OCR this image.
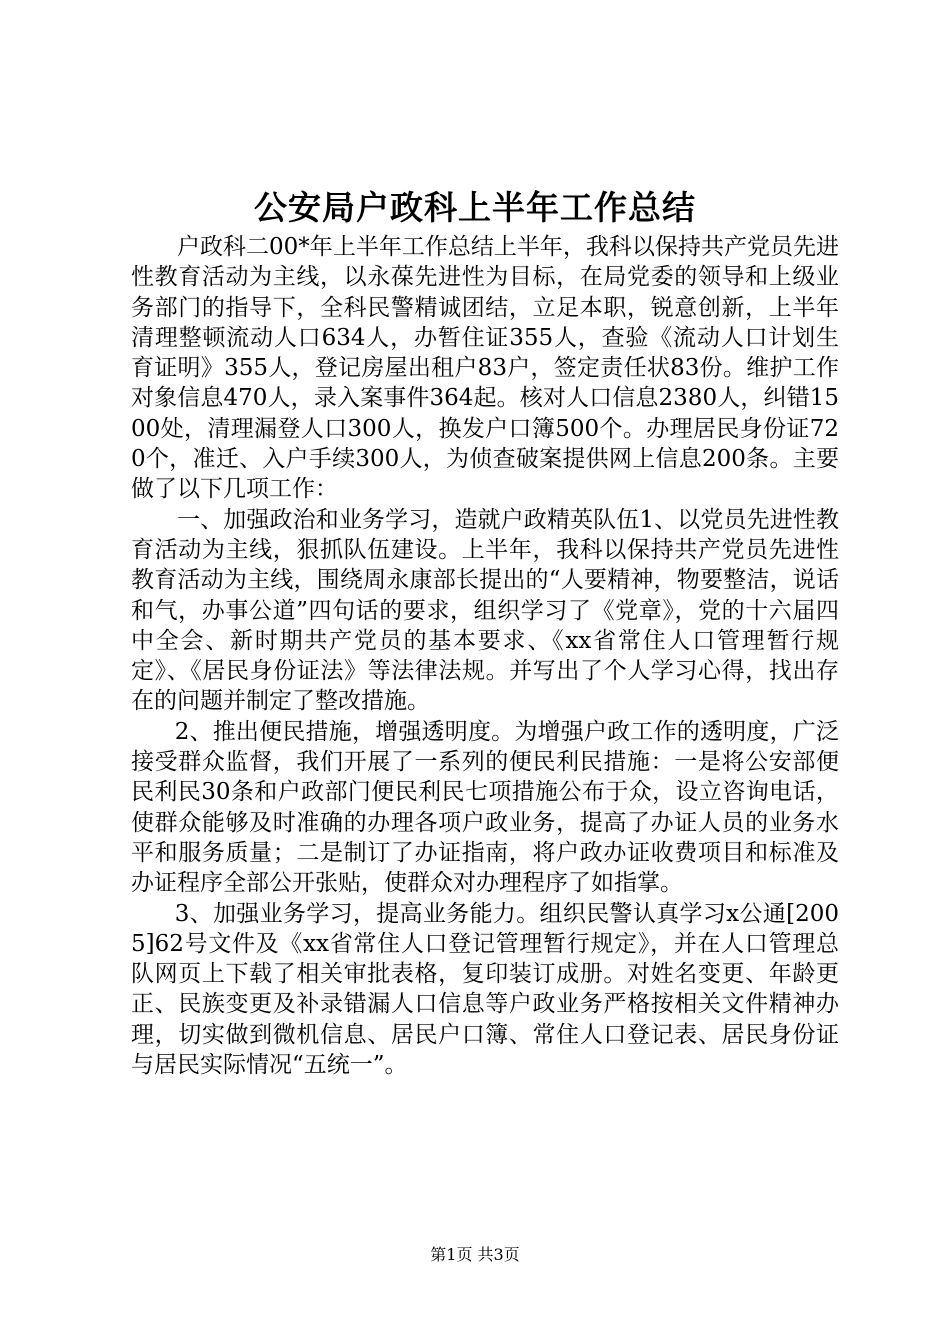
公安局户政科上半年工作总结

户政科二00*年上半年工作总结上半年，我科以保持共产党员先进性教育活动为主线，以永葆先进性为目标，在局党委的领导和上级业务部门的指导下，全科民警精诚团结，立足本职，锐意创新，上半年清理整顿流动人口634人，办暂住证355人，查验《流动人口计划生育证明》355人，登记房屋出租户83户，签定责任状83份。维护工作对象信息470人，录入案事件364起。核对人口信息2380人，纠错1500处，清理漏登人口300人，换发户口簿500个。办理居民身份证720个，准迁、入户手续300人，为侦查破案提供网上信息200条。主要做了以下几项工作：

一、加强政治和业务学习，造就户政精英队伍1、以党员先进性教育活动为主线，狠抓队伍建设。上半年，我科以保持共产党员先进性教育活动为主线，围绕周永康部长提出的“人要精神，物要整洁，说话和气，办事公道”四句话的要求，组织学习了《党章》，党的十六届四中全会、新时期共产党员的基本要求、《xx省常住人口管理暂行规定》、《居民身份证法》等法律法规。并写出了个人学习心得，找出存在的问题并制定了整改措施。

2、推出便民措施，增强透明度。为增强户政工作的透明度，广泛接受群众监督，我们开展了一系列的便民利民措施：一是将公安部便民利民30条和户政部门便民利民七项措施公布于众，设立咨询电话，使群众能够及时准确的办理各项户政业务，提高了办证人员的业务水平和服务质量；二是制订了办证指南，将户政办证收费项目和标准及办证程序全部公开张贴，使群众对办理程序了如指掌。

3、加强业务学习，提高业务能力。组织民警认真学习x公通[2005]62号文件及《xx省常住人口登记管理暂行规定》，并在人口管理总队网页上下载了相关审批表格，复印装订成册。对姓名变更、年龄更正、民族变更及补录错漏人口信息等户政业务严格按相关文件精神办理，切实做到微机信息、居民户口簿、常住人口登记表、居民身份证与居民实际情况“五统一”。

第1页 共3页
